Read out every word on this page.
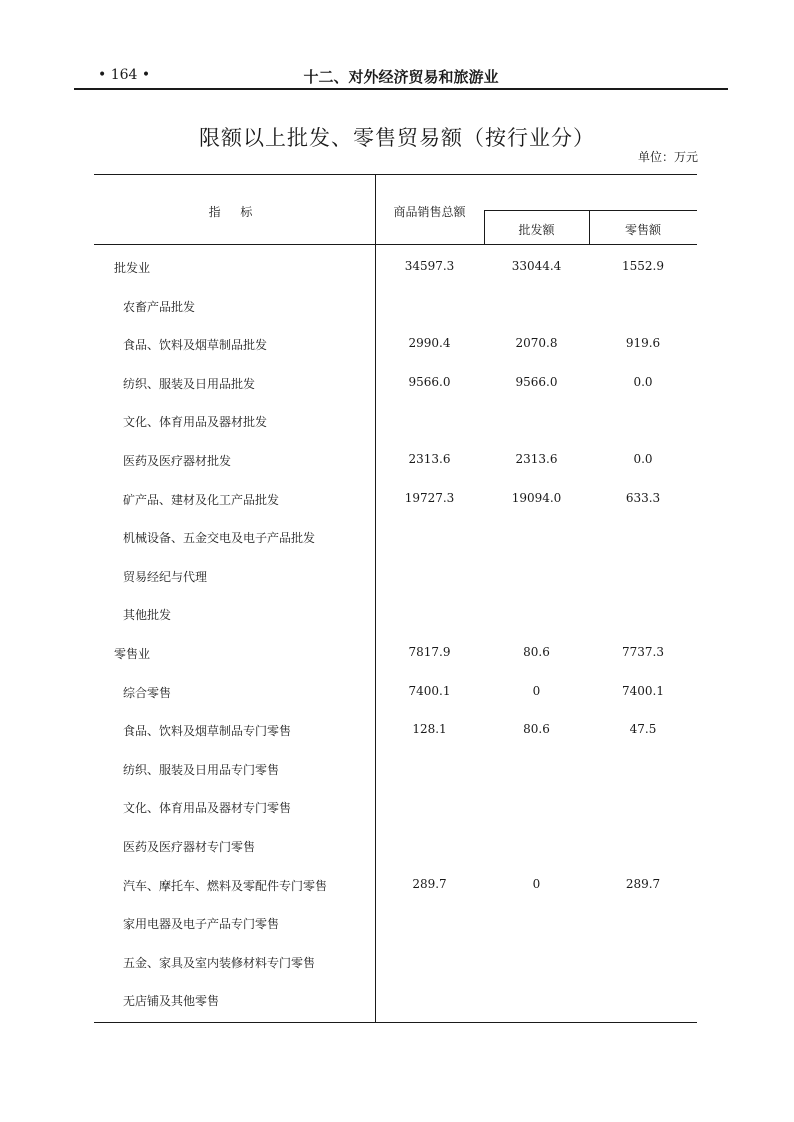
• 164 •	十二、对外经济贸易和旅游业
限额以上批发、零售贸易额（按行业分）
单位：万元
指 标	商品销售总额
批发额	零售额
批发业	34597.3	33044.4	1552.9
农畜产品批发
食品、饮料及烟草制品批发	2990.4	2070.8	919.6
纺织、服装及日用品批发	9566.0	9566.0	0.0
文化、体育用品及器材批发
医药及医疗器材批发	2313.6	2313.6	0.0
矿产品、建材及化工产品批发	19727.3	19094.0	633.3
机械设备、五金交电及电子产品批发
贸易经纪与代理
其他批发
零售业	7817.9	80.6	7737.3
综合零售	7400.1	0	7400.1
食品、饮料及烟草制品专门零售	128.1	80.6	47.5
纺织、服装及日用品专门零售
文化、体育用品及器材专门零售
医药及医疗器材专门零售
汽车、摩托车、燃料及零配件专门零售	289.7	0	289.7
家用电器及电子产品专门零售
五金、家具及室内装修材料专门零售
无店铺及其他零售
